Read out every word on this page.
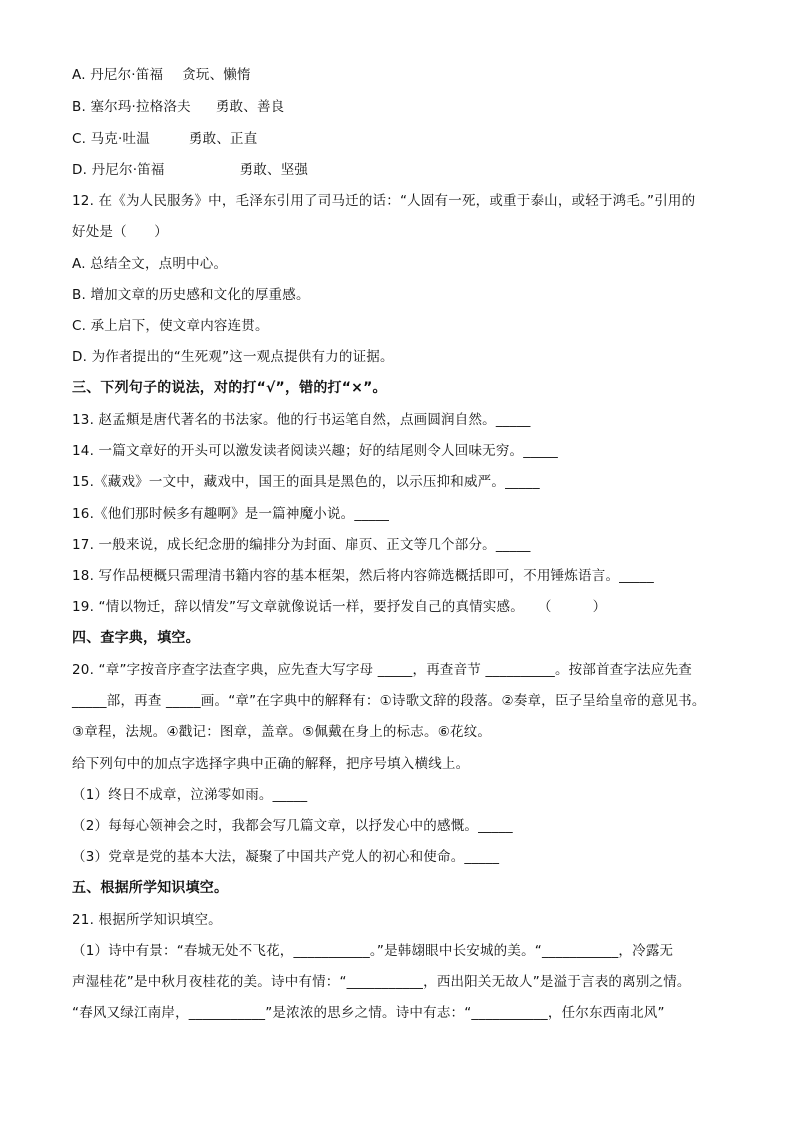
A. 丹尼尔·笛福 贪玩、懒惰
B. 塞尔玛·拉格洛夫 勇敢、善良
C. 马克·吐温	勇敢、正直
D. 丹尼尔·笛福	勇敢、坚强
12. 在《为人民服务》中，毛泽东引用了司马迁的话：“人固有一死，或重于泰山，或轻于鸿毛。”引用的
好处是（　　）
A. 总结全文，点明中心。
B. 增加文章的历史感和文化的厚重感。
C. 承上启下，使文章内容连贯。
D. 为作者提出的“生死观”这一观点提供有力的证据。
三、下列句子的说法，对的打“√”，错的打“×”。
13. 赵孟頫是唐代著名的书法家。他的行书运笔自然，点画圆润自然。_____
14. 一篇文章好的开头可以激发读者阅读兴趣；好的结尾则令人回味无穷。_____
15.《藏戏》一文中，藏戏中，国王的面具是黑色的，以示压抑和威严。_____
16.《他们那时候多有趣啊》是一篇神魔小说。_____
17. 一般来说，成长纪念册的编排分为封面、扉页、正文等几个部分。_____
18. 写作品梗概只需理清书籍内容的基本框架，然后将内容筛选概括即可，不用锤炼语言。_____
19. “情以物迁，辞以情发”写文章就像说话一样，要抒发自己的真情实感。　　（　　　）
四、查字典，填空。
20. “章”字按音序查字法查字典，应先查大写字母 _____，再查音节 __________。按部首查字法应先查
_____部，再查 _____画。“章”在字典中的解释有：①诗歌文辞的段落。②奏章，臣子呈给皇帝的意见书。
③章程，法规。④戳记：图章，盖章。⑤佩戴在身上的标志。⑥花纹。
给下列句中的加点字选择字典中正确的解释，把序号填入横线上。
（1）终日不成章，泣涕零如雨。_____
（2）每每心领神会之时，我都会写几篇文章，以抒发心中的感慨。_____
（3）党章是党的基本大法，凝聚了中国共产党人的初心和使命。_____
五、根据所学知识填空。
21. 根据所学知识填空。
（1）诗中有景：“春城无处不飞花，___________。”是韩翃眼中长安城的美。“___________，冷露无
声湿桂花”是中秋月夜桂花的美。诗中有情：“___________，西出阳关无故人”是溢于言表的离别之情。
“春风又绿江南岸，___________”是浓浓的思乡之情。诗中有志：“___________，任尔东西南北风”
